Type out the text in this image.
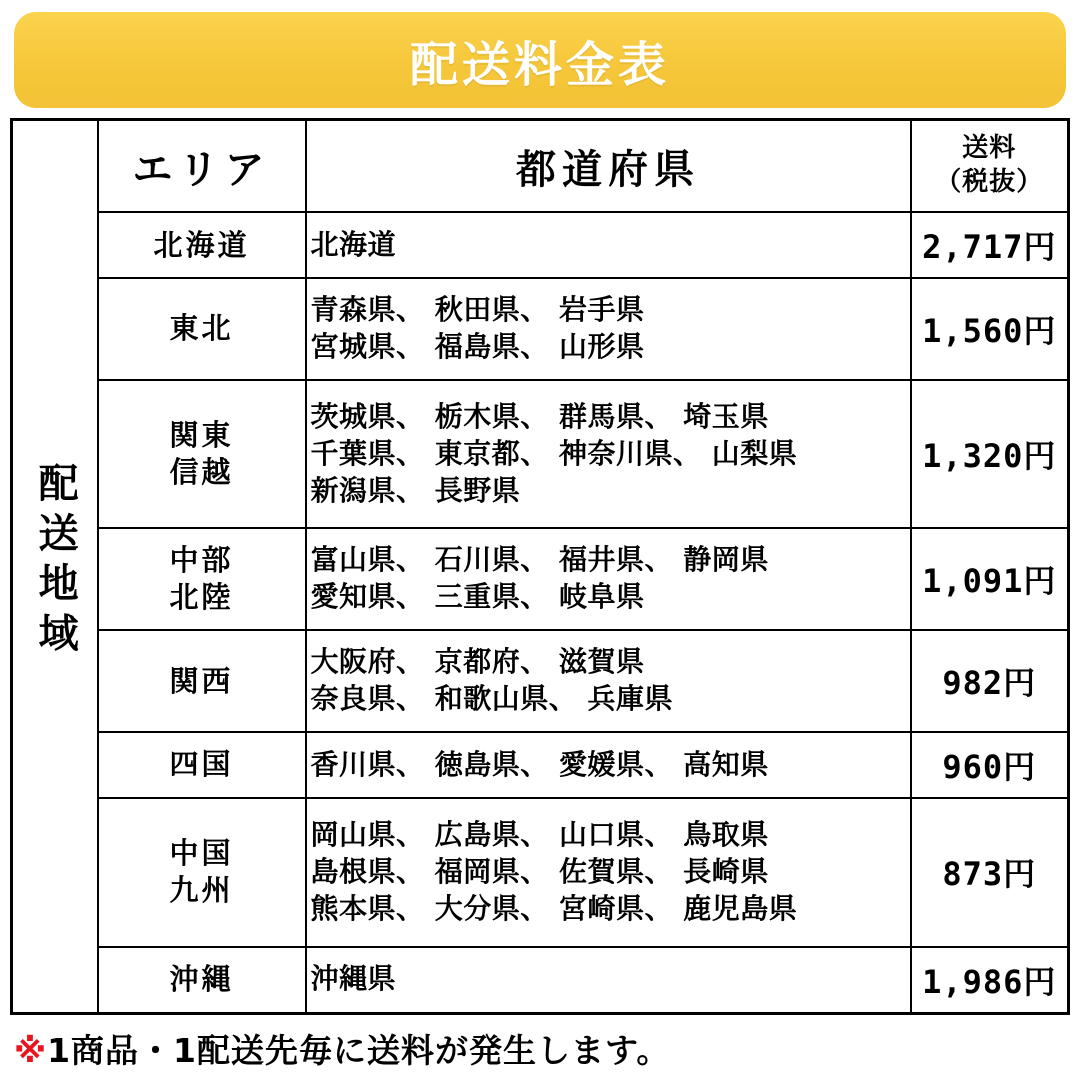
配送料金表
配送地域	エリア	都道府県	送料
（税抜）

	北海道	北海道	2,717円

	東北	青森県、 秋田県、 岩手県
宮城県、 福島県、 山形県	1,560円

	関東
信越	茨城県、 栃木県、 群馬県、 埼玉県
千葉県、 東京都、 神奈川県、 山梨県
新潟県、 長野県	1,320円

	中部
北陸	富山県、 石川県、 福井県、 静岡県
愛知県、 三重県、 岐阜県	1,091円

	関西	大阪府、 京都府、 滋賀県
奈良県、 和歌山県、 兵庫県	982円

	四国	香川県、 徳島県、 愛媛県、 高知県	960円

	中国
九州	岡山県、 広島県、 山口県、 鳥取県
島根県、 福岡県、 佐賀県、 長崎県
熊本県、 大分県、 宮崎県、 鹿児島県	873円

	沖縄	沖縄県	1,986円
※1商品・1配送先毎に送料が発生します。
